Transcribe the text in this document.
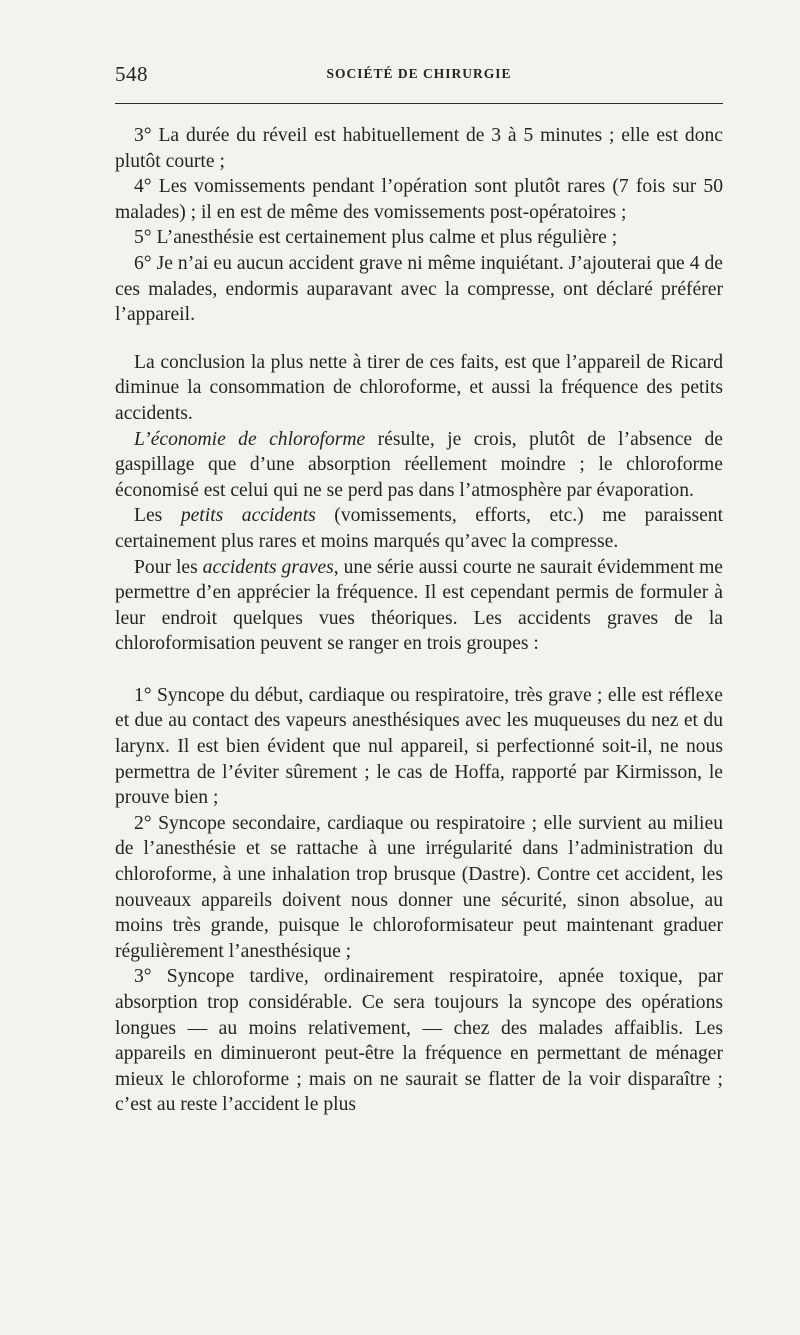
548	SOCIÉTÉ DE CHIRURGIE

3° La durée du réveil est habituellement de 3 à 5 minutes ; elle est donc plutôt courte ;

4° Les vomissements pendant l’opération sont plutôt rares (7 fois sur 50 malades) ; il en est de même des vomissements post-opératoires ;

5° L’anesthésie est certainement plus calme et plus régulière ;

6° Je n’ai eu aucun accident grave ni même inquiétant. J’ajouterai que 4 de ces malades, endormis auparavant avec la compresse, ont déclaré préférer l’appareil.

La conclusion la plus nette à tirer de ces faits, est que l’appareil de Ricard diminue la consommation de chloroforme, et aussi la fréquence des petits accidents.

L’économie de chloroforme résulte, je crois, plutôt de l’absence de gaspillage que d’une absorption réellement moindre ; le chloroforme économisé est celui qui ne se perd pas dans l’atmosphère par évaporation.

Les petits accidents (vomissements, efforts, etc.) me paraissent certainement plus rares et moins marqués qu’avec la compresse.

Pour les accidents graves, une série aussi courte ne saurait évidemment me permettre d’en apprécier la fréquence. Il est cependant permis de formuler à leur endroit quelques vues théoriques. Les accidents graves de la chloroformisation peuvent se ranger en trois groupes :

1° Syncope du début, cardiaque ou respiratoire, très grave ; elle est réflexe et due au contact des vapeurs anesthésiques avec les muqueuses du nez et du larynx. Il est bien évident que nul appareil, si perfectionné soit-il, ne nous permettra de l’éviter sûrement ; le cas de Hoffa, rapporté par Kirmisson, le prouve bien ;

2° Syncope secondaire, cardiaque ou respiratoire ; elle survient au milieu de l’anesthésie et se rattache à une irrégularité dans l’administration du chloroforme, à une inhalation trop brusque (Dastre). Contre cet accident, les nouveaux appareils doivent nous donner une sécurité, sinon absolue, au moins très grande, puisque le chloroformisateur peut maintenant graduer régulièrement l’anesthésique ;

3° Syncope tardive, ordinairement respiratoire, apnée toxique, par absorption trop considérable. Ce sera toujours la syncope des opérations longues — au moins relativement, — chez des malades affaiblis. Les appareils en diminueront peut-être la fréquence en permettant de ménager mieux le chloroforme ; mais on ne saurait se flatter de la voir disparaître ; c’est au reste l’accident le plus
